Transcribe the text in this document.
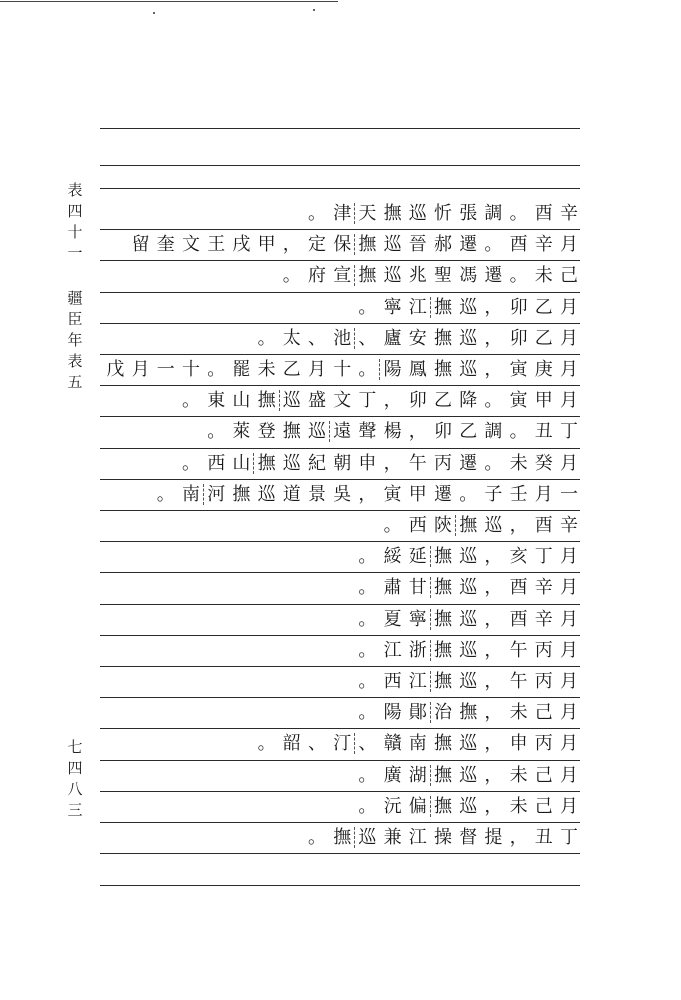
表
四
十
一
疆
臣
年
表
五
七
四
八
三
辛
酉
。
調
張
忻
巡
撫
天
津
。
月
辛
酉
。
遷
郝
晉
巡
撫
保
定
，
甲
戌
王
文
奎
留
己
未
。
遷
馮
聖
兆
巡
撫
宣
府
。
月
乙
卯
，
巡
撫
江
寧
。
月
乙
卯
，
巡
撫
安
廬
、
池
、
太
。
月
庚
寅
，
巡
撫
鳳
陽
。
十
月
乙
未
罷
。
十
一
月
戊
月
甲
寅
。
降
乙
卯
，
丁
文
盛
巡
撫
山
東
。
丁
丑
。
調
乙
卯
，
楊
聲
遠
巡
撫
登
萊
。
月
癸
未
。
遷
丙
午
，
申
朝
紀
巡
撫
山
西
。
一
月
壬
子
。
遷
甲
寅
，
吳
景
道
巡
撫
河
南
。
辛
酉
，
巡
撫
陝
西
。
月
丁
亥
，
巡
撫
延
綏
。
月
辛
酉
，
巡
撫
甘
肅
。
月
辛
酉
，
巡
撫
寧
夏
。
月
丙
午
，
巡
撫
浙
江
。
月
丙
午
，
巡
撫
江
西
。
月
己
未
，
撫
治
鄖
陽
。
月
丙
申
，
巡
撫
南
贛
、
汀
、
韶
。
月
己
未
，
巡
撫
湖
廣
。
月
己
未
，
巡
撫
偏
沅
。
丁
丑
，
提
督
操
江
兼
巡
撫
。
